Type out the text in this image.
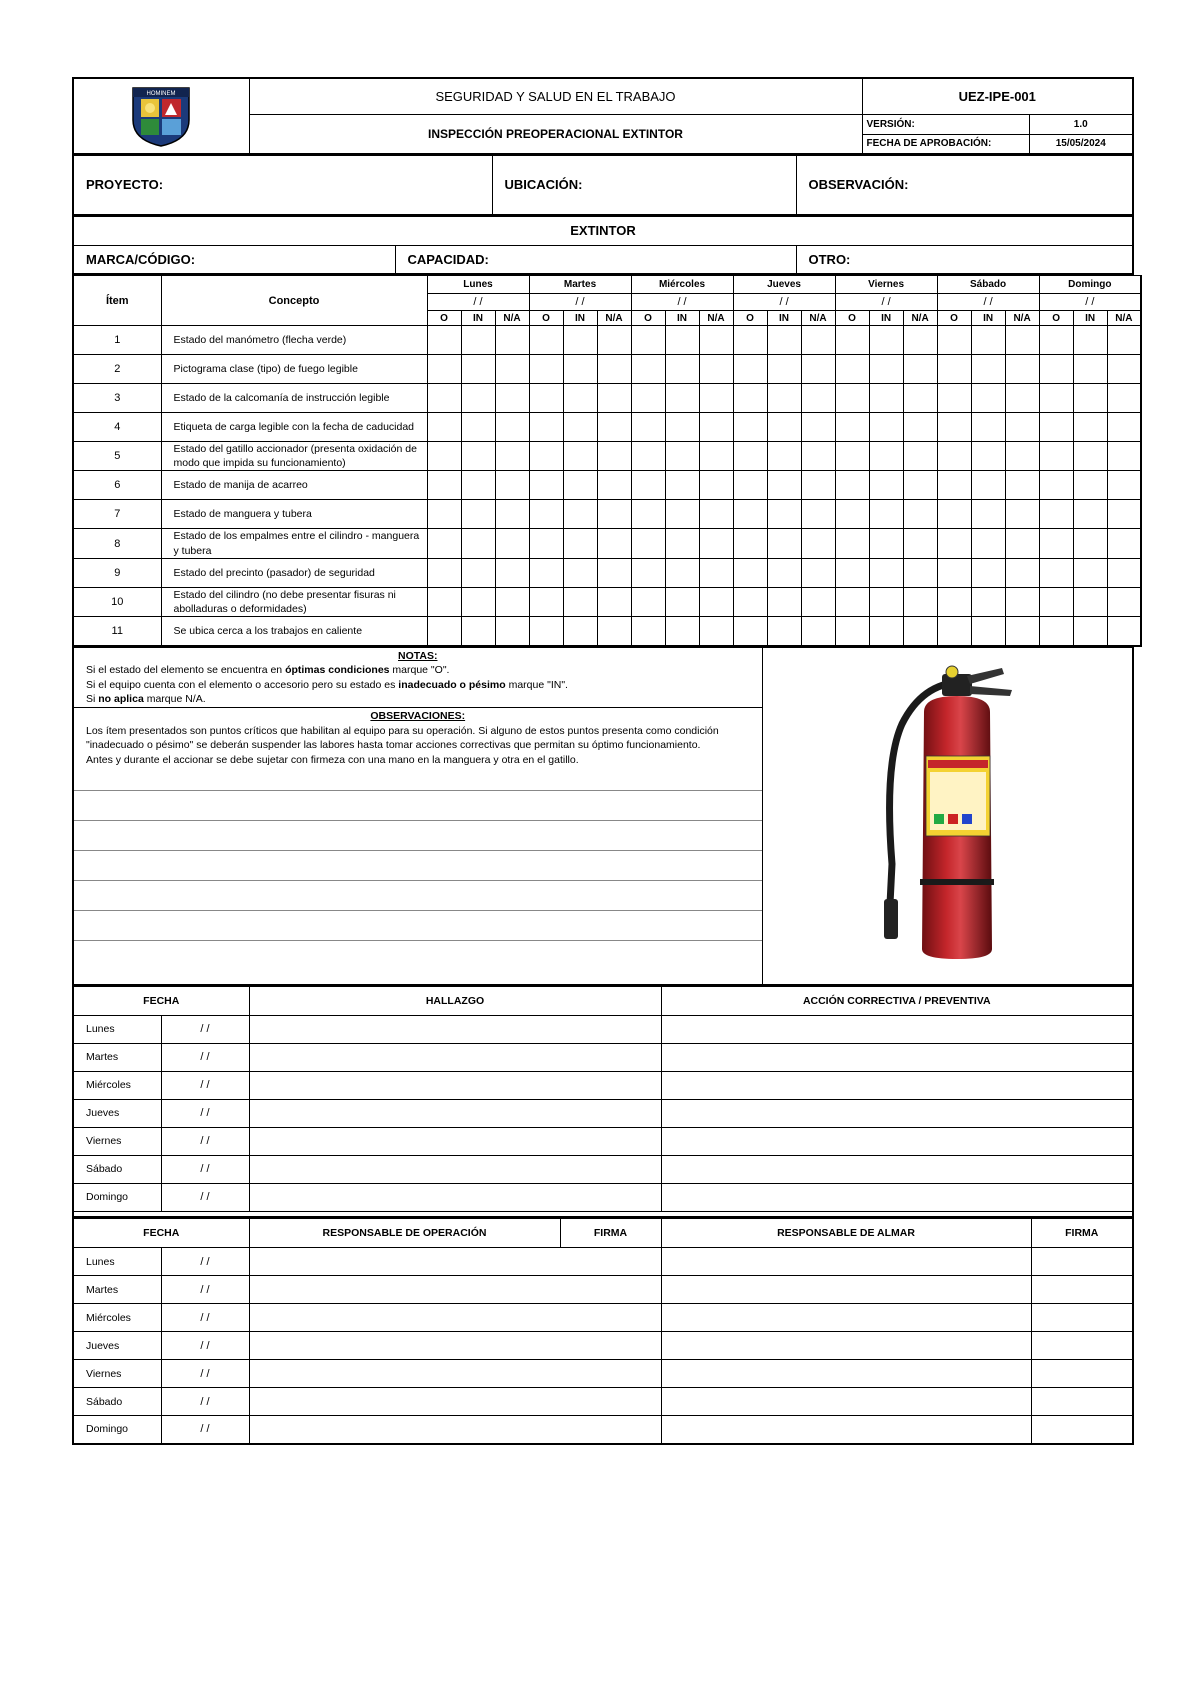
HOMINEM	SEGURIDAD Y SALUD EN EL TRABAJO	UEZ-IPE-001	
	INSPECCIÓN PREOPERACIONAL EXTINTOR	VERSIÓN:	1.0
		FECHA DE APROBACIÓN:	15/05/2024
PROYECTO:	UBICACIÓN:	OBSERVACIÓN:
EXTINTOR
MARCA/CÓDIGO:	CAPACIDAD:	OTRO:
Ítem	Concepto	Lunes			Martes			Miércoles			Jueves			Viernes			Sábado			Domingo		
		/ /			/ /			/ /			/ /			/ /			/ /			/ /		
		O	IN	N/A	O	IN	N/A	O	IN	N/A	O	IN	N/A	O	IN	N/A	O	IN	N/A	O	IN	N/A
1	Estado del manómetro (flecha verde)																					
2	Pictograma clase (tipo) de fuego legible																					
3	Estado de la calcomanía de instrucción legible																					
4	Etiqueta de carga legible con la fecha de caducidad																					
5	Estado del gatillo accionador (presenta oxidación de modo que impida su funcionamiento)																					
6	Estado de manija de acarreo																					
7	Estado de manguera y tubera																					
8	Estado de los empalmes entre el cilindro - manguera y tubera																					
9	Estado del precinto (pasador) de seguridad																					
10	Estado del cilindro (no debe presentar fisuras ni abolladuras o deformidades)																					
11	Se ubica cerca a los trabajos en caliente																					
NOTAS:
Si el estado del elemento se encuentra en óptimas condiciones marque "O".
Si el equipo cuenta con el elemento o accesorio pero su estado es inadecuado o pésimo marque "IN".
Si no aplica marque N/A.
OBSERVACIONES:
Los ítem presentados son puntos críticos que habilitan al equipo para su operación. Si alguno de estos puntos presenta como condición "inadecuado o pésimo" se deberán suspender las labores hasta tomar acciones correctivas que permitan su óptimo funcionamiento.
Antes y durante el accionar se debe sujetar con firmeza con una mano en la manguera y otra en el gatillo.

FECHA		HALLAZGO	ACCIÓN CORRECTIVA / PREVENTIVA
Lunes	/ /		
Martes	/ /		
Miércoles	/ /		
Jueves	/ /		
Viernes	/ /		
Sábado	/ /		
Domingo	/ /		

FECHA		RESPONSABLE DE OPERACIÓN	FIRMA	RESPONSABLE DE ALMAR	FIRMA
Lunes	/ /				
Martes	/ /				
Miércoles	/ /				
Jueves	/ /				
Viernes	/ /				
Sábado	/ /				
Domingo	/ /				
